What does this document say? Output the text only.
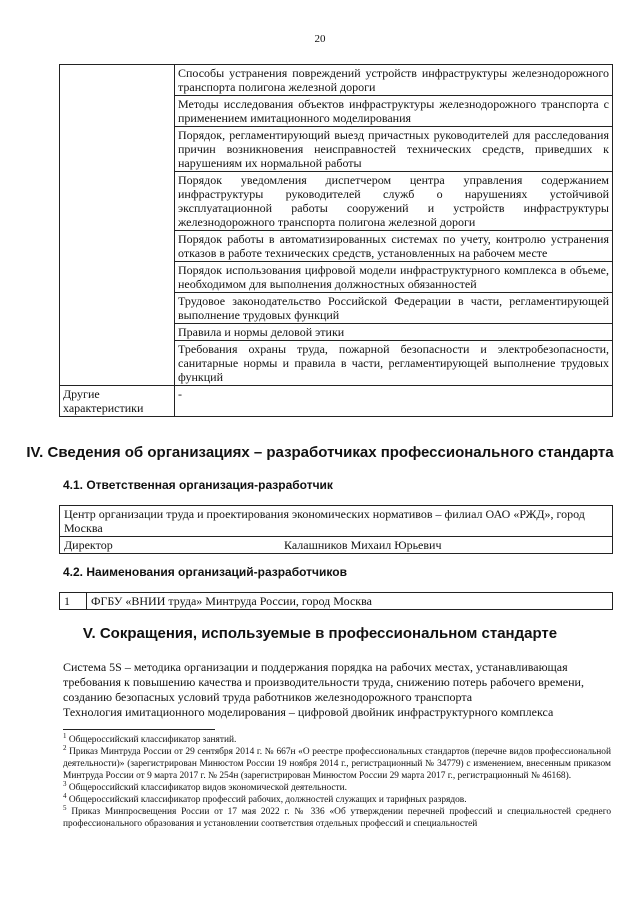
20
	Способы устранения повреждений устройств инфраструктуры железнодорожного транспорта полигона железной дороги
	Методы исследования объектов инфраструктуры железнодорожного транспорта с применением имитационного моделирования
	Порядок, регламентирующий выезд причастных руководителей для расследования причин возникновения неисправностей технических средств, приведших к нарушениям их нормальной работы
	Порядок уведомления диспетчером центра управления содержанием инфраструктуры руководителей служб о нарушениях устойчивой эксплуатационной работы сооружений и устройств инфраструктуры железнодорожного транспорта полигона железной дороги
	Порядок работы в автоматизированных системах по учету, контролю устранения отказов в работе технических средств, установленных на рабочем месте
	Порядок использования цифровой модели инфраструктурного комплекса в объеме, необходимом для выполнения должностных обязанностей
	Трудовое законодательство Российской Федерации в части, регламентирующей выполнение трудовых функций
	Правила и нормы деловой этики
	Требования охраны труда, пожарной безопасности и электробезопасности, санитарные нормы и правила в части, регламентирующей выполнение трудовых функций
Другие характеристики	-
IV. Сведения об организациях – разработчиках профессионального стандарта
4.1. Ответственная организация-разработчик
Центр организации труда и проектирования экономических нормативов – филиал ОАО «РЖД», город Москва
Директор	Калашников Михаил Юрьевич
4.2. Наименования организаций-разработчиков
1	ФГБУ «ВНИИ труда» Минтруда России, город Москва
V. Сокращения, используемые в профессиональном стандарте

Система 5S – методика организации и поддержания порядка на рабочих местах, устанавливающая требования к повышению качества и производительности труда, снижению потерь рабочего времени, созданию безопасных условий труда работников железнодорожного транспорта

Технология имитационного моделирования – цифровой двойник инфраструктурного комплекса

$^1$ Общероссийский классификатор занятий.

$^2$ Приказ Минтруда России от 29 сентября 2014 г. № 667н «О реестре профессиональных стандартов (перечне видов профессиональной деятельности)» (зарегистрирован Минюстом России 19 ноября 2014 г., регистрационный № 34779) с изменением, внесенным приказом Минтруда России от 9 марта 2017 г. № 254н (зарегистрирован Минюстом России 29 марта 2017 г., регистрационный № 46168).

$^3$ Общероссийский классификатор видов экономической деятельности.

$^4$ Общероссийский классификатор профессий рабочих, должностей служащих и тарифных разрядов.

$^5$ Приказ Минпросвещения России от 17 мая 2022 г. № 336 «Об утверждении перечней профессий и специальностей среднего профессионального образования и установлении соответствия отдельных профессий и специальностей
